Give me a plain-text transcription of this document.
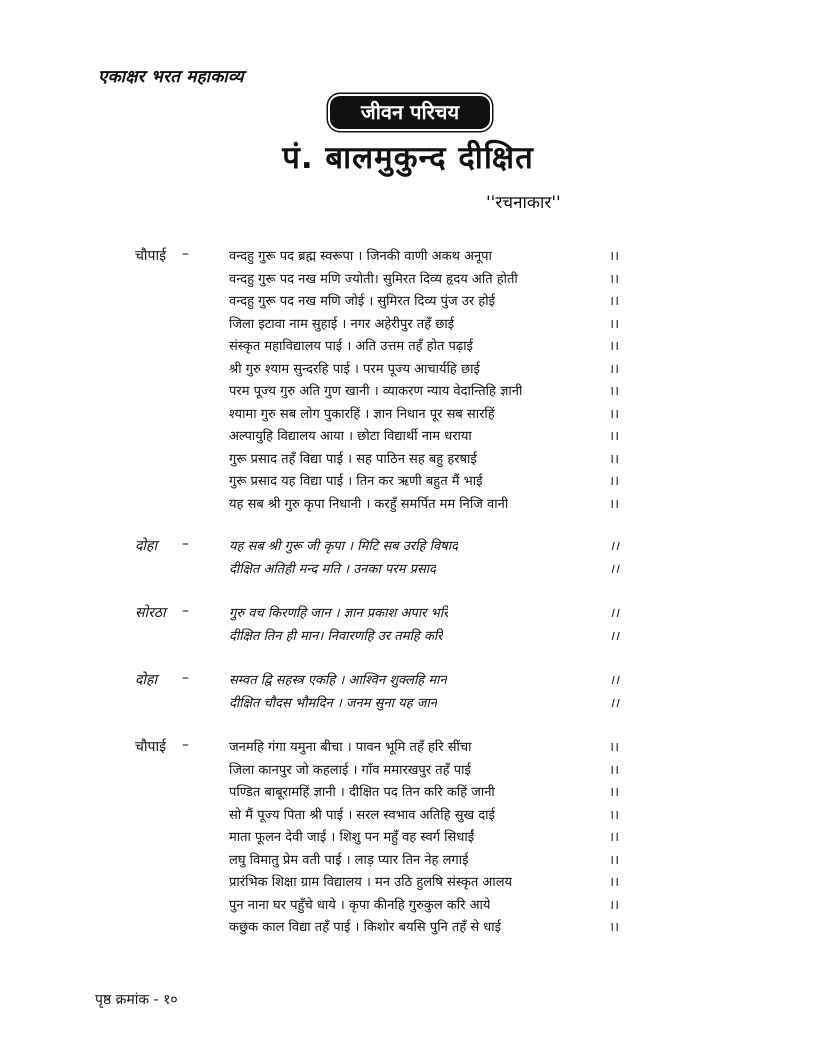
एकाक्षर भरत महाकाव्य
जीवन परिचय
पं. बालमुकुन्द दीक्षित
''रचनाकार''
चौपाई	–	वन्दहु गुरू पद ब्रह्म स्वरूपा । जिनकी वाणी अकथ अनूपा	।।
वन्दहु गुरू पद नख मणि ज्योती। सुमिरत दिव्य हृदय अति होती	।।
वन्दहु गुरू पद नख मणि जोई । सुमिरत दिव्य पुंज उर होई	।।
जिला इटावा नाम सुहाई । नगर अहेरीपुर तहँ छाई	।।
संस्कृत महाविद्यालय पाई । अति उत्तम तहँ होत पढ़ाई	।।
श्री गुरु श्याम सुन्दरहि पाई । परम पूज्य आचार्यहि छाई	।।
परम पूज्य गुरु अति गुण खानी । व्याकरण न्याय वेदान्तिहि ज्ञानी	।।
श्यामा गुरु सब लोग पुकारहिं । ज्ञान निधान पूर सब सारहिं	।।
अल्पायुहि विद्यालय आया । छोटा विद्यार्थी नाम धराया	।।
गुरू प्रसाद तहँ विद्या पाई । सह पाठिन सह बहु हरषाई	।।
गुरू प्रसाद यह विद्या पाई । तिन कर ऋणी बहुत मैं भाई	।।
यह सब श्री गुरु कृपा निधानी । करहुँ समर्पित मम निजि वानी	।।
दोहा	–	यह सब श्री गुरू जी कृपा । मिटि सब उरहि विषाद	।।
दीक्षित अतिही मन्द मति । उनका परम प्रसाद	।।
सोरठा	–	गुरु वच किरणहि जान । ज्ञान प्रकाश अपार भरि	।।
दीक्षित तिन ही मान। निवारणहि उर तमहि करि	।।
दोहा	–	सम्वत द्वि सहस्त्र एकहि । आश्विन शुक्लहि मान	।।
दीक्षित चौदस भौमदिन । जनम सुना यह जान	।।
चौपाई	–	जनमहि गंगा यमुना बीचा । पावन भूमि तहँ हरि सींचा	।।
जिला कानपुर जो कहलाई । गाँव ममारखपुर तहँ पाई	।।
पण्डित बाबूरामहिं ज्ञानी । दीक्षित पद तिन करि कहिं जानी	।।
सो मैं पूज्य पिता श्री पाई । सरल स्वभाव अतिहि सुख दाई	।।
माता फूलन देवी जाई । शिशु पन महुँ वह स्वर्ग सिधाईं	।।
लघु विमातु प्रेम वती पाई । लाड़ प्यार तिन नेह लगाई	।।
प्रारंभिक शिक्षा ग्राम विद्यालय । मन उठि हुलषि संस्कृत आलय	।।
पुन नाना घर पहुँचे धाये । कृपा कीनहि गुरुकुल करि आये	।।
कछुक काल विद्या तहँ पाई । किशोर बयसि पुनि तहँ से धाई	।।
पृष्ठ क्रमांक - १०
